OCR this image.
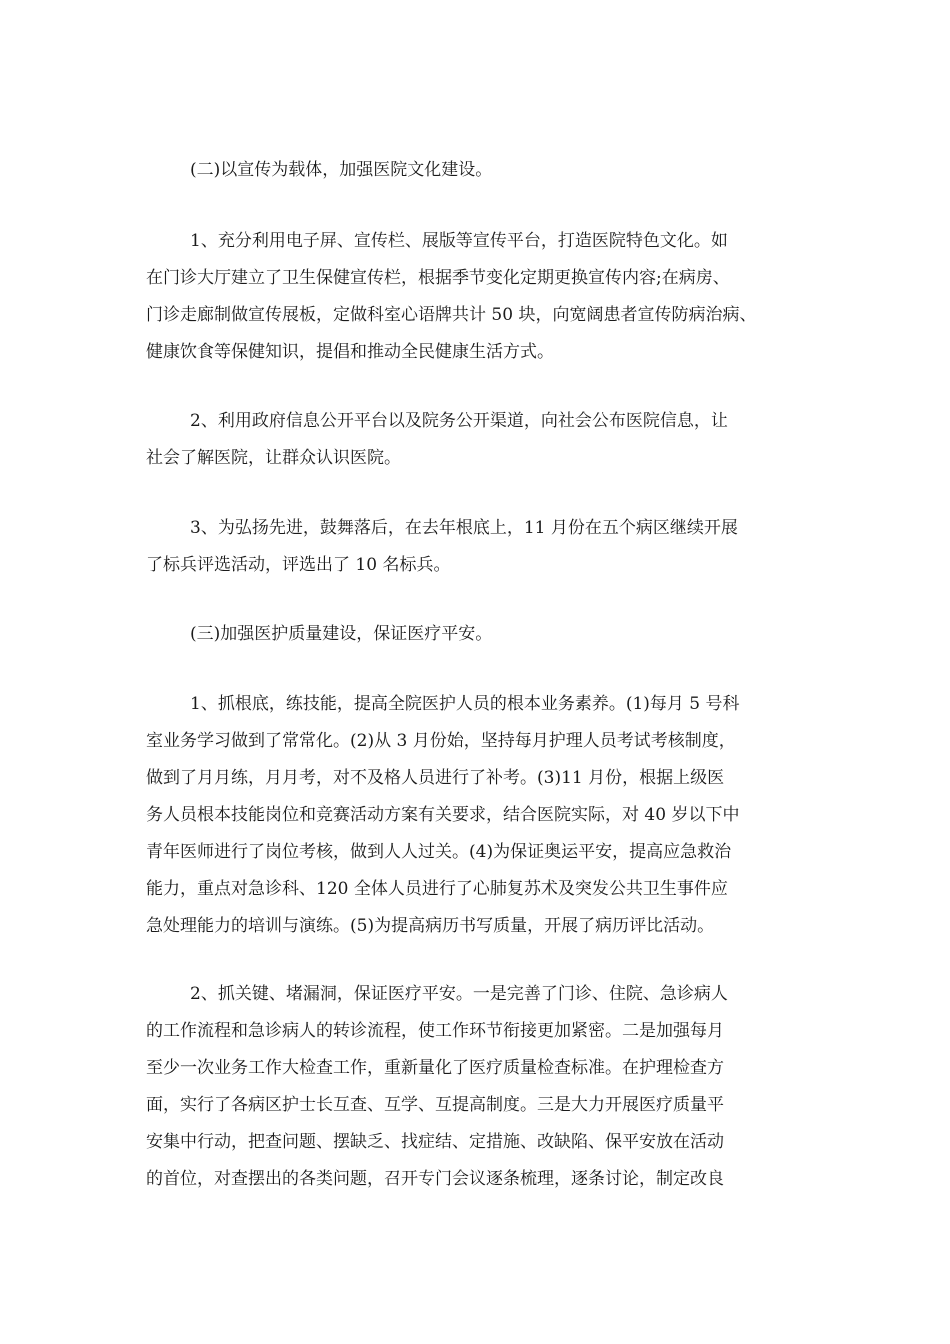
(二)以宣传为载体，加强医院文化建设。
1、充分利用电子屏、宣传栏、展版等宣传平台，打造医院特色文化。如
在门诊大厅建立了卫生保健宣传栏，根据季节变化定期更换宣传内容;在病房、
门诊走廊制做宣传展板，定做科室心语牌共计 50 块，向宽阔患者宣传防病治病、
健康饮食等保健知识，提倡和推动全民健康生活方式。
2、利用政府信息公开平台以及院务公开渠道，向社会公布医院信息，让
社会了解医院，让群众认识医院。
3、为弘扬先进，鼓舞落后，在去年根底上，11 月份在五个病区继续开展
了标兵评选活动，评选出了 10 名标兵。
(三)加强医护质量建设，保证医疗平安。
1、抓根底，练技能，提高全院医护人员的根本业务素养。(1)每月 5 号科
室业务学习做到了常常化。(2)从 3 月份始，坚持每月护理人员考试考核制度，
做到了月月练，月月考，对不及格人员进行了补考。(3)11 月份，根据上级医
务人员根本技能岗位和竞赛活动方案有关要求，结合医院实际，对 40 岁以下中
青年医师进行了岗位考核，做到人人过关。(4)为保证奥运平安，提高应急救治
能力，重点对急诊科、120 全体人员进行了心肺复苏术及突发公共卫生事件应
急处理能力的培训与演练。(5)为提高病历书写质量，开展了病历评比活动。
2、抓关键、堵漏洞，保证医疗平安。一是完善了门诊、住院、急诊病人
的工作流程和急诊病人的转诊流程，使工作环节衔接更加紧密。二是加强每月
至少一次业务工作大检查工作，重新量化了医疗质量检查标准。在护理检查方
面，实行了各病区护士长互查、互学、互提高制度。三是大力开展医疗质量平
安集中行动，把查问题、摆缺乏、找症结、定措施、改缺陷、保平安放在活动
的首位，对查摆出的各类问题，召开专门会议逐条梳理，逐条讨论，制定改良
